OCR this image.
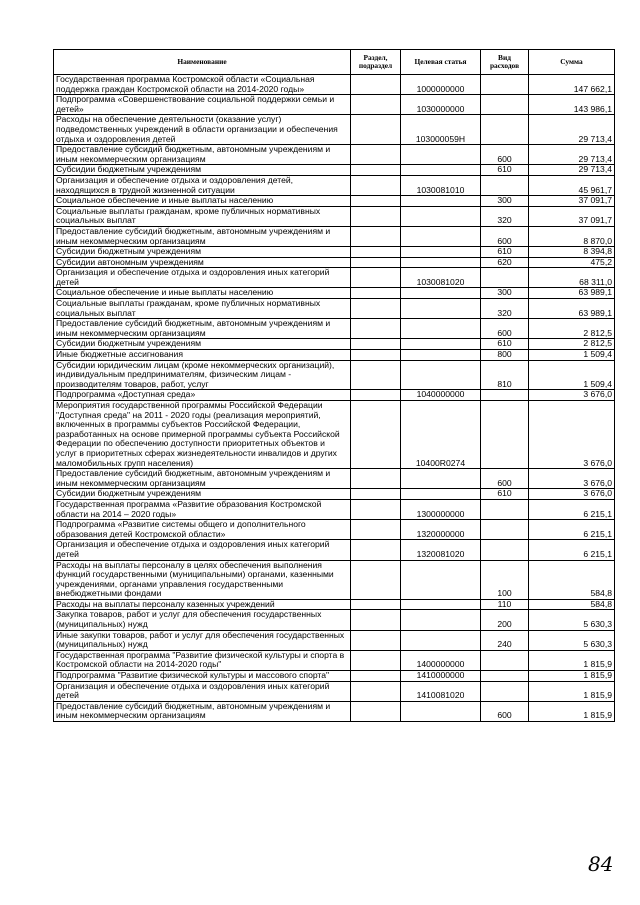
Наименование	Раздел, подраздел	Целевая статья	Вид расходов	Сумма
Государственная программа Костромской области «Социальная поддержка граждан Костромской области на 2014-2020 годы»		1000000000		147 662,1
Подпрограмма «Совершенствование социальной поддержки семьи и детей»		1030000000		143 986,1
Расходы на обеспечение деятельности (оказание услуг) подведомственных учреждений в области организации и обеспечения отдыха и оздоровления детей		103000059Н		29 713,4
Предоставление субсидий бюджетным, автономным учреждениям и иным некоммерческим организациям			600	29 713,4
Субсидии бюджетным учреждениям			610	29 713,4
Организация и обеспечение отдыха и оздоровления детей, находящихся в трудной жизненной ситуации		1030081010		45 961,7
Социальное обеспечение и иные выплаты населению			300	37 091,7
Социальные выплаты гражданам, кроме публичных нормативных социальных выплат			320	37 091,7
Предоставление субсидий бюджетным, автономным учреждениям и иным некоммерческим организациям			600	8 870,0
Субсидии бюджетным учреждениям			610	8 394,8
Субсидии автономным учреждениям			620	475,2
Организация и обеспечение отдыха и оздоровления иных категорий детей		1030081020		68 311,0
Социальное обеспечение и иные выплаты населению			300	63 989,1
Социальные выплаты гражданам, кроме публичных нормативных социальных выплат			320	63 989,1
Предоставление субсидий бюджетным, автономным учреждениям и иным некоммерческим организациям			600	2 812,5
Субсидии бюджетным учреждениям			610	2 812,5
Иные бюджетные ассигнования			800	1 509,4
Субсидии юридическим лицам (кроме некоммерческих организаций), индивидуальным предпринимателям, физическим лицам - производителям товаров, работ, услуг			810	1 509,4
Подпрограмма «Доступная среда»		1040000000		3 676,0
Мероприятия государственной программы Российской Федерации "Доступная среда" на 2011 - 2020 годы (реализация мероприятий, включенных в программы субъектов Российской Федерации, разработанных на основе примерной программы субъекта Российской Федерации по обеспечению доступности приоритетных объектов и услуг в приоритетных сферах жизнедеятельности инвалидов и других маломобильных групп населения)		10400R0274		3 676,0
Предоставление субсидий бюджетным, автономным учреждениям и иным некоммерческим организациям			600	3 676,0
Субсидии бюджетным учреждениям			610	3 676,0
Государственная программа «Развитие образования Костромской области на 2014 – 2020 годы»		1300000000		6 215,1
Подпрограмма «Развитие системы общего и дополнительного образования детей Костромской области»		1320000000		6 215,1
Организация и обеспечение отдыха и оздоровления иных категорий детей		1320081020		6 215,1
Расходы на выплаты персоналу в целях обеспечения выполнения функций государственными (муниципальными) органами, казенными учреждениями, органами управления государственными внебюджетными фондами			100	584,8
Расходы на выплаты персоналу казенных учреждений			110	584,8
Закупка товаров, работ и услуг для обеспечения государственных (муниципальных) нужд			200	5 630,3
Иные закупки товаров, работ и услуг для обеспечения государственных (муниципальных) нужд			240	5 630,3
Государственная программа "Развитие физической культуры и спорта в Костромской области на 2014-2020 годы"		1400000000		1 815,9
Подпрограмма "Развитие физической культуры и массового спорта"		1410000000		1 815,9
Организация и обеспечение отдыха и оздоровления иных категорий детей		1410081020		1 815,9
Предоставление субсидий бюджетным, автономным учреждениям и иным некоммерческим организациям			600	1 815,9
84
